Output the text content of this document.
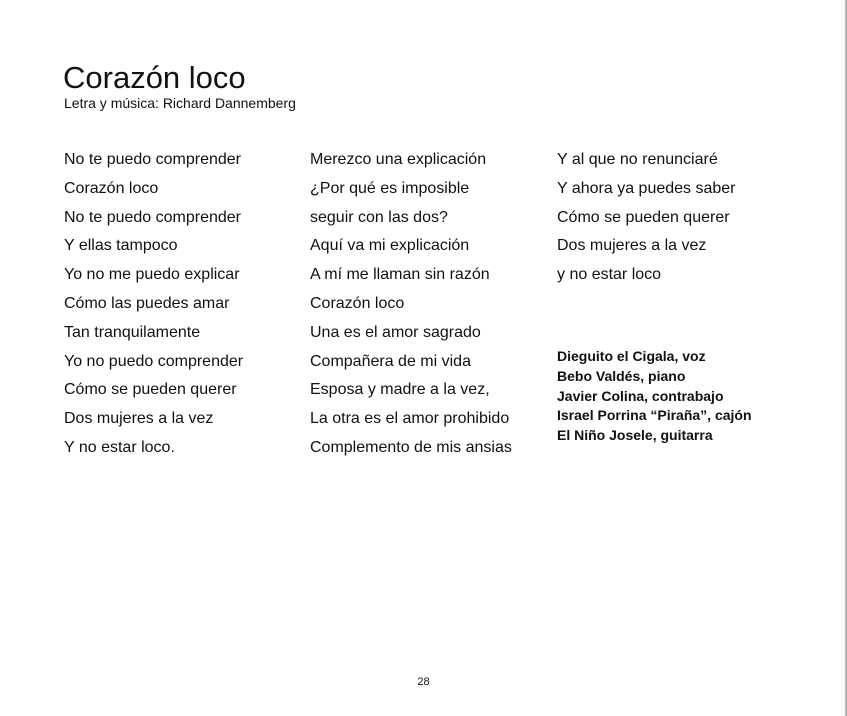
Corazón loco

Letra y música: Richard Dannemberg

No te puedo comprender
Corazón loco
No te puedo comprender
Y ellas tampoco
Yo no me puedo explicar
Cómo las puedes amar
Tan tranquilamente
Yo no puedo comprender
Cómo se pueden querer
Dos mujeres a la vez
Y no estar loco.
Merezco una explicación
¿Por qué es imposible
seguir con las dos?
Aquí va mi explicación
A mí me llaman sin razón
Corazón loco
Una es el amor sagrado
Compañera de mi vida
Esposa y madre a la vez,
La otra es el amor prohibido
Complemento de mis ansias
Y al que no renunciaré
Y ahora ya puedes saber
Cómo se pueden querer
Dos mujeres a la vez
y no estar loco
Dieguito el Cigala, voz
Bebo Valdés, piano
Javier Colina, contrabajo
Israel Porrina “Piraña”, cajón
El Niño Josele, guitarra
28
